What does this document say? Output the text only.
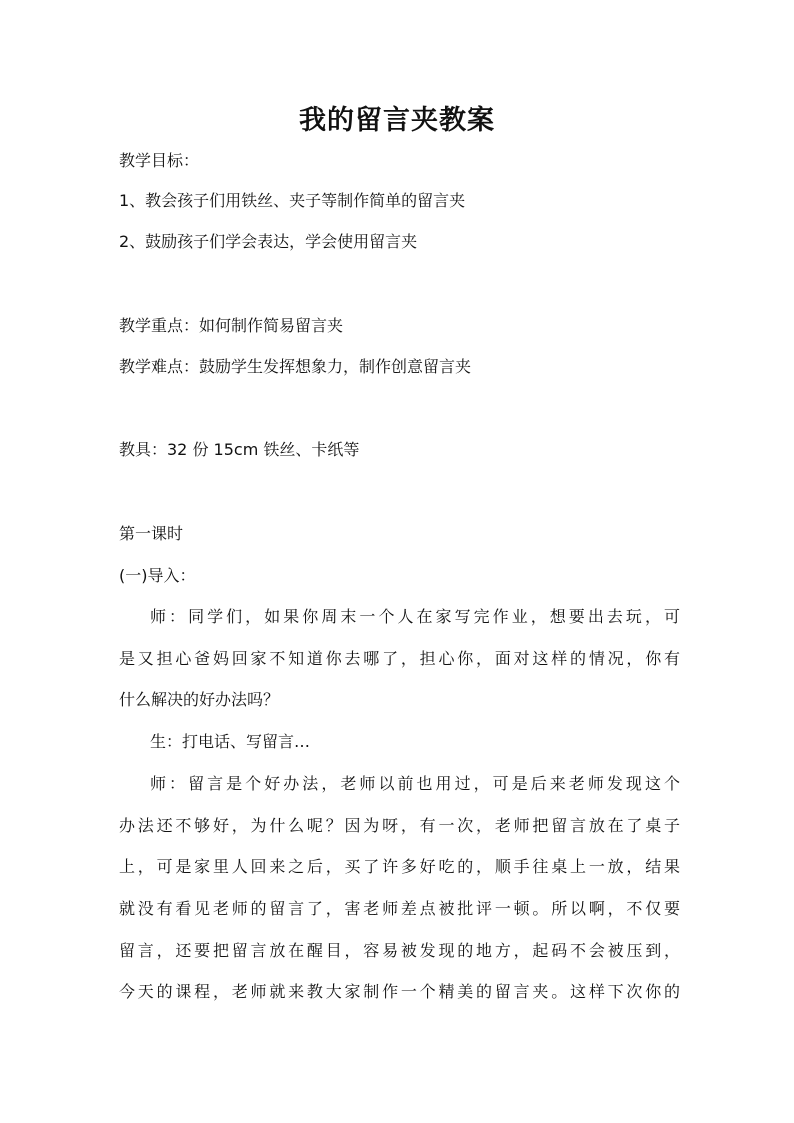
我的留言夹教案
教学目标：
1、教会孩子们用铁丝、夹子等制作简单的留言夹
2、鼓励孩子们学会表达，学会使用留言夹
教学重点：如何制作简易留言夹
教学难点：鼓励学生发挥想象力，制作创意留言夹
教具：32 份 15cm 铁丝、卡纸等
第一课时
(一)导入：
师：同学们，如果你周末一个人在家写完作业，想要出去玩，可
是又担心爸妈回家不知道你去哪了，担心你，面对这样的情况，你有
什么解决的好办法吗？
生：打电话、写留言…
师：留言是个好办法，老师以前也用过，可是后来老师发现这个
办法还不够好，为什么呢？因为呀，有一次，老师把留言放在了桌子
上，可是家里人回来之后，买了许多好吃的，顺手往桌上一放，结果
就没有看见老师的留言了，害老师差点被批评一顿。所以啊，不仅要
留言，还要把留言放在醒目，容易被发现的地方，起码不会被压到，
今天的课程，老师就来教大家制作一个精美的留言夹。这样下次你的
